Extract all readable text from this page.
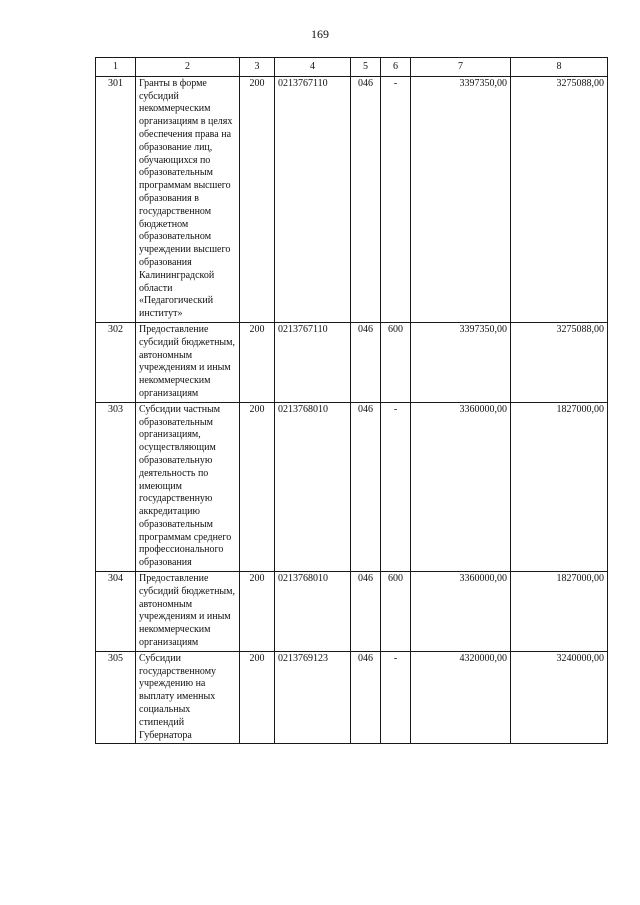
169
1	2	3	4	5	6	7	8
301	Гранты в форме субсидий некоммерческим организациям в целях обеспечения права на образование лиц, обучающихся по образовательным программам высшего образования в государственном бюджетном образовательном учреждении высшего образования Калининградской области «Педагогический институт»	200	0213767110	046	-	3397350,00	3275088,00
302	Предоставление субсидий бюджетным, автономным учреждениям и иным некоммерческим организациям	200	0213767110	046	600	3397350,00	3275088,00
303	Субсидии частным образовательным организациям, осуществляющим образовательную деятельность по имеющим государственную аккредитацию образовательным программам среднего профессионального образования	200	0213768010	046	-	3360000,00	1827000,00
304	Предоставление субсидий бюджетным, автономным учреждениям и иным некоммерческим организациям	200	0213768010	046	600	3360000,00	1827000,00
305	Субсидии государственному учреждению на выплату именных социальных стипендий Губернатора	200	0213769123	046	-	4320000,00	3240000,00
